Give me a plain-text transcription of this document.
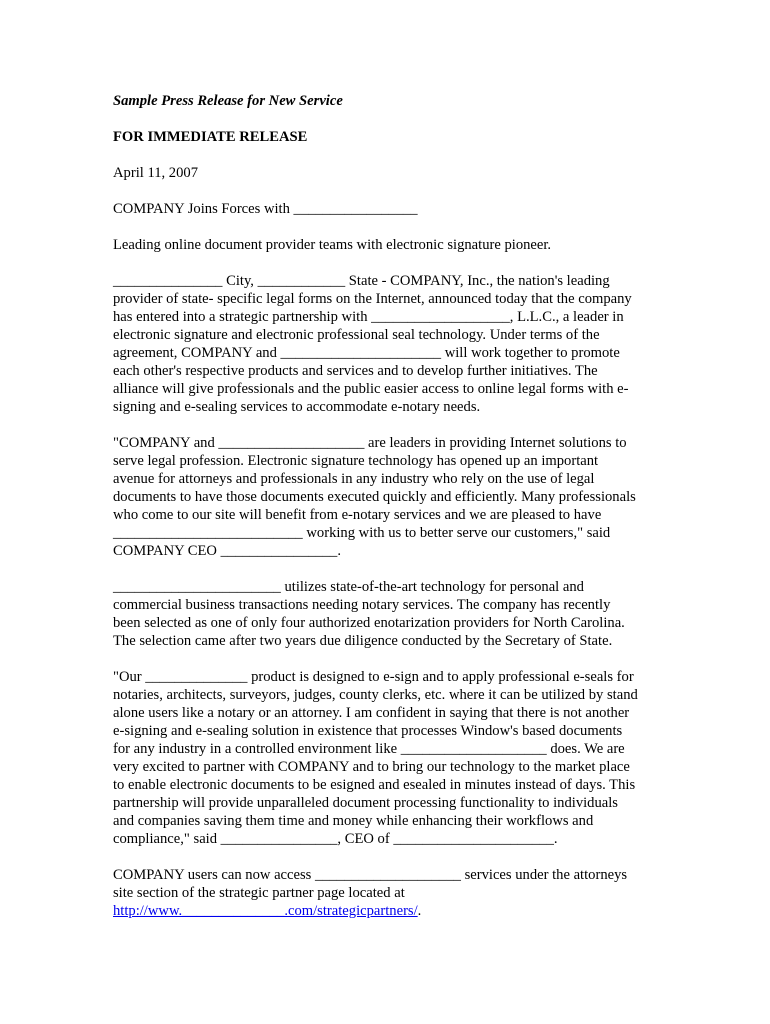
Sample Press Release for New Service
FOR IMMEDIATE RELEASE
April 11, 2007
COMPANY Joins Forces with _________________
Leading online document provider teams with electronic signature pioneer.
_______________ City, ____________ State - COMPANY, Inc., the nation's leading
provider of state- specific legal forms on the Internet, announced today that the company
has entered into a strategic partnership with ___________________, L.L.C., a leader in
electronic signature and electronic professional seal technology. Under terms of the
agreement, COMPANY and ______________________ will work together to promote
each other's respective products and services and to develop further initiatives. The
alliance will give professionals and the public easier access to online legal forms with e-
signing and e-sealing services to accommodate e-notary needs.
"COMPANY and ____________________ are leaders in providing Internet solutions to
serve legal profession. Electronic signature technology has opened up an important
avenue for attorneys and professionals in any industry who rely on the use of legal
documents to have those documents executed quickly and efficiently. Many professionals
who come to our site will benefit from e-notary services and we are pleased to have
__________________________ working with us to better serve our customers," said
COMPANY CEO ________________.
_______________________ utilizes state-of-the-art technology for personal and
commercial business transactions needing notary services. The company has recently
been selected as one of only four authorized enotarization providers for North Carolina.
The selection came after two years due diligence conducted by the Secretary of State.
"Our ______________ product is designed to e-sign and to apply professional e-seals for
notaries, architects, surveyors, judges, county clerks, etc. where it can be utilized by stand
alone users like a notary or an attorney. I am confident in saying that there is not another
e-signing and e-sealing solution in existence that processes Window's based documents
for any industry in a controlled environment like ____________________ does. We are
very excited to partner with COMPANY and to bring our technology to the market place
to enable electronic documents to be esigned and esealed in minutes instead of days. This
partnership will provide unparalleled document processing functionality to individuals
and companies saving them time and money while enhancing their workflows and
compliance," said ________________, CEO of ______________________.
COMPANY users can now access ____________________ services under the attorneys
site section of the strategic partner page located at
http://www.______________.com/strategicpartners/.
